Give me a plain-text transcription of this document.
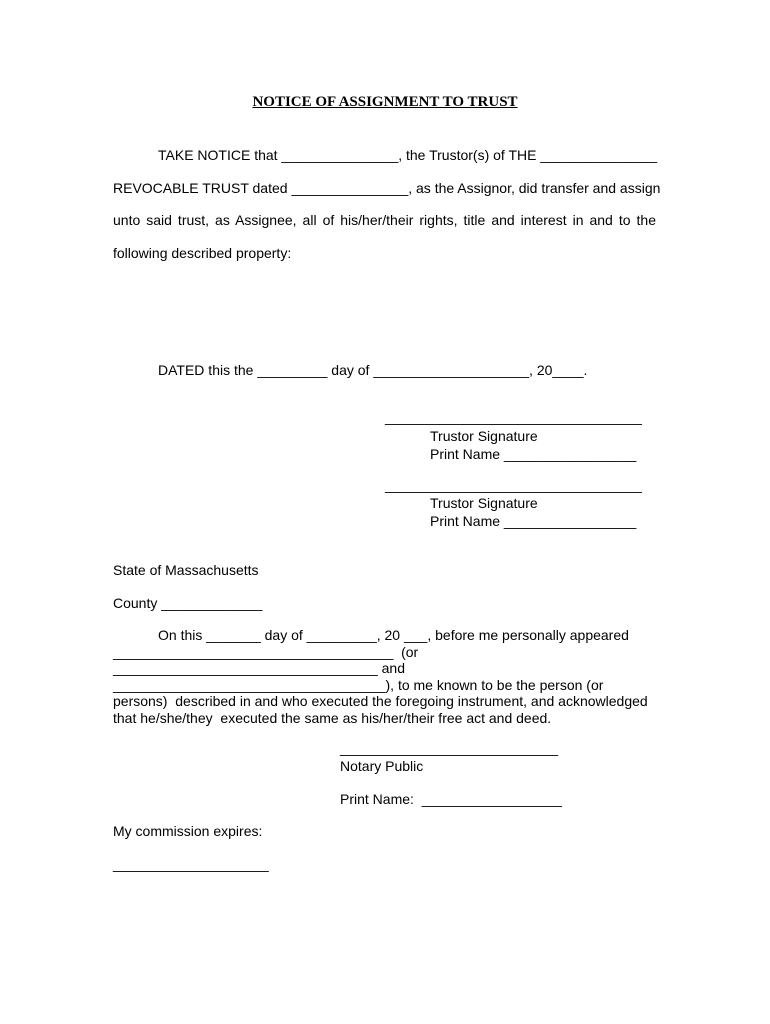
NOTICE OF ASSIGNMENT TO TRUST
TAKE NOTICE that _______________, the Trustor(s) of THE _______________
REVOCABLE TRUST dated _______________, as the Assignor, did transfer and assign
unto said trust, as Assignee, all of his/her/their rights, title and interest in and to the
following described property:
DATED this the _________ day of ____________________, 20____.
_________________________________
Trustor Signature
Print Name _________________
_________________________________
Trustor Signature
Print Name _________________
State of Massachusetts
County _____________
On this _______ day of _________, 20 ___, before me personally appeared
____________________________________  (or
__________________________________ and
___________________________________), to me known to be the person (or
persons)  described in and who executed the foregoing instrument, and acknowledged
that he/she/they  executed the same as his/her/their free act and deed.
____________________________
Notary Public
Print Name:  __________________
My commission expires:
____________________
